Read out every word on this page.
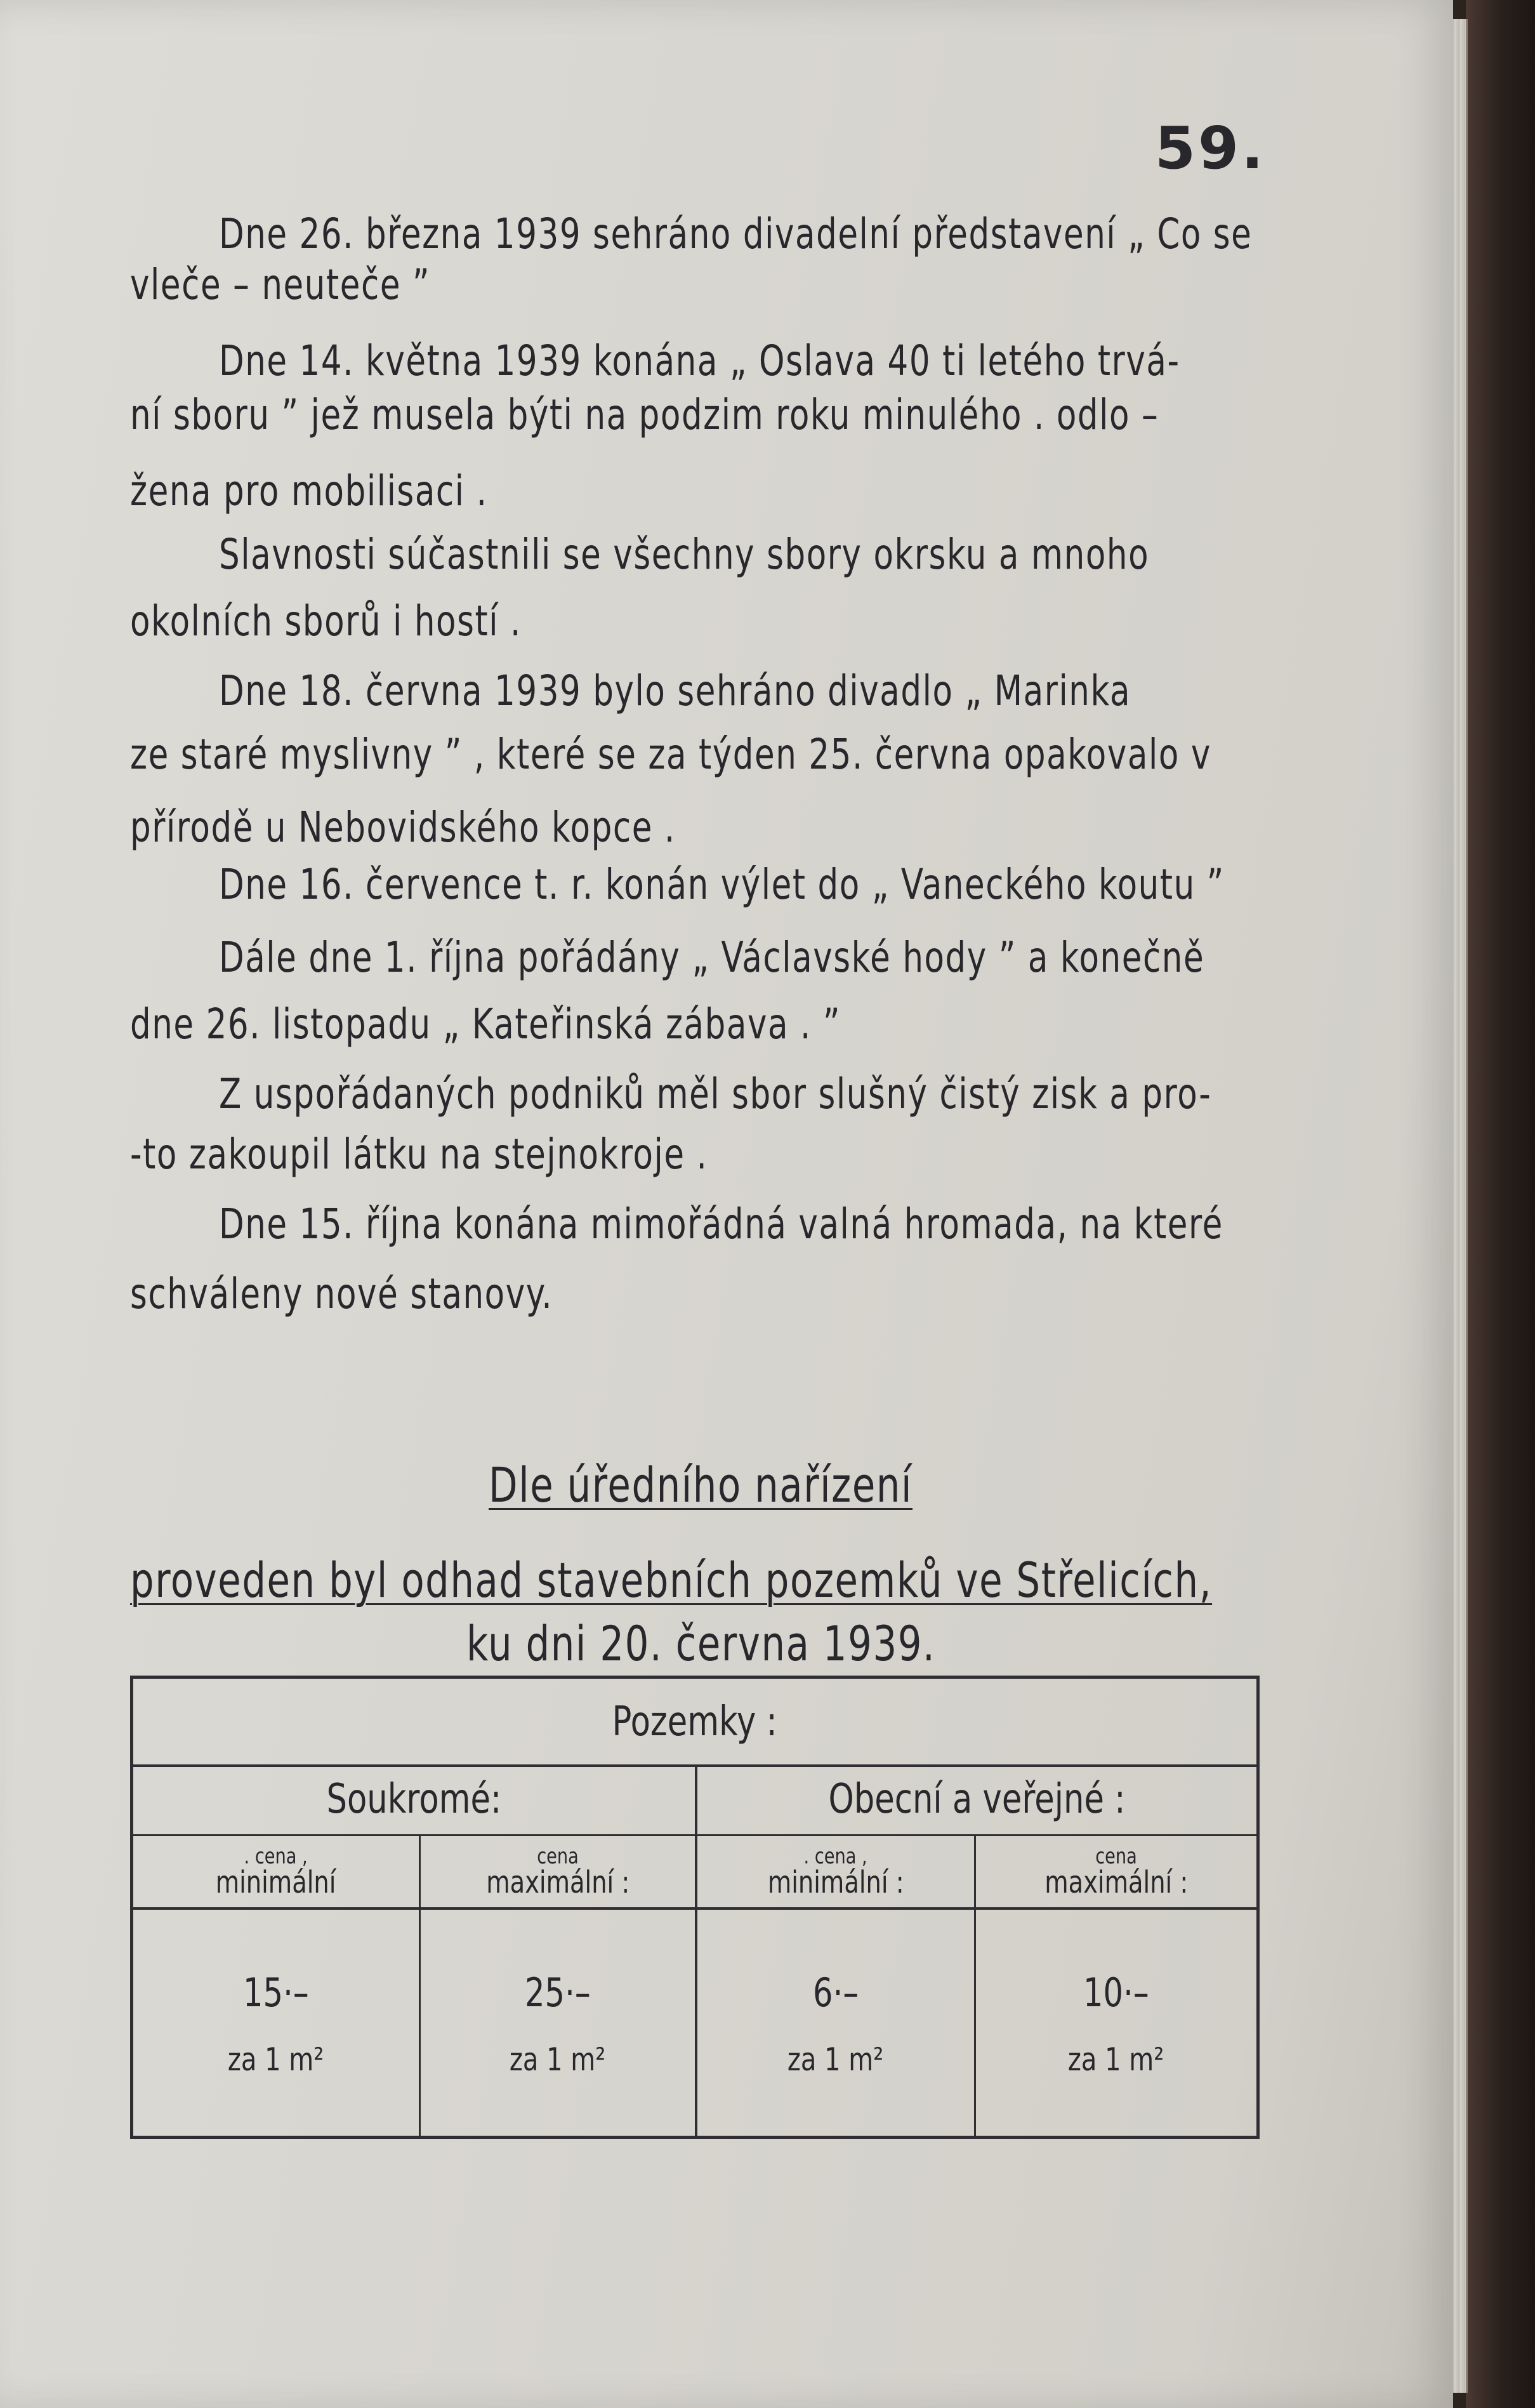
59.
Dne 26. března 1939 sehráno divadelní představení „ Co se
vleče – neuteče ”
Dne 14. května 1939 konána „ Oslava 40 ti letého trvá-
ní sboru ” jež musela býti na podzim roku minulého . odlo –
žena pro mobilisaci .
Slavnosti súčastnili se všechny sbory okrsku a mnoho
okolních sborů i hostí .
Dne 18. června 1939 bylo sehráno divadlo „ Marinka
ze staré myslivny ” , které se za týden 25. června opakovalo v
přírodě u Nebovidského kopce .
Dne 16. července t. r. konán výlet do „ Vaneckého koutu ”
Dále dne 1. října pořádány „ Václavské hody ” a konečně
dne 26. listopadu „ Kateřinská zábava . ”
Z uspořádaných podniků měl sbor slušný čistý zisk a pro-
-to zakoupil látku na stejnokroje .
Dne 15. října konána mimořádná valná hromada, na které
schváleny nové stanovy.
Dle úředního nařízení
proveden byl odhad stavebních pozemků ve Střelicích,
ku dni 20. června 1939.
Pozemky :
Soukromé:	Obecní a veřejné :
. cena ,
minimální
cena
maximální :
. cena ,
minimální :
cena
maximální :
15·–
za 1 m²
25·–
za 1 m²
6·–
za 1 m²
10·–
za 1 m²
